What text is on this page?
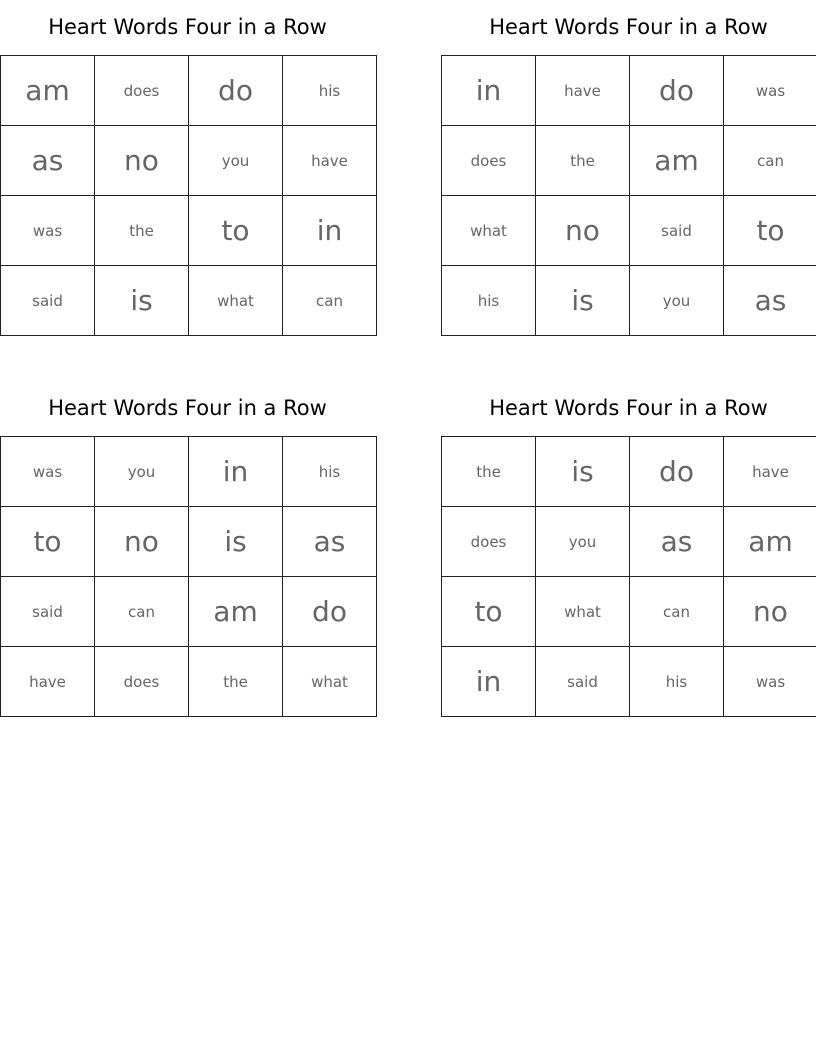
Heart Words Four in a Row
am	does	do	his
as	no	you	have
was	the	to	in
said	is	what	can
Heart Words Four in a Row
in	have	do	was
does	the	am	can
what	no	said	to
his	is	you	as
Heart Words Four in a Row
was	you	in	his
to	no	is	as
said	can	am	do
have	does	the	what
Heart Words Four in a Row
the	is	do	have
does	you	as	am
to	what	can	no
in	said	his	was
